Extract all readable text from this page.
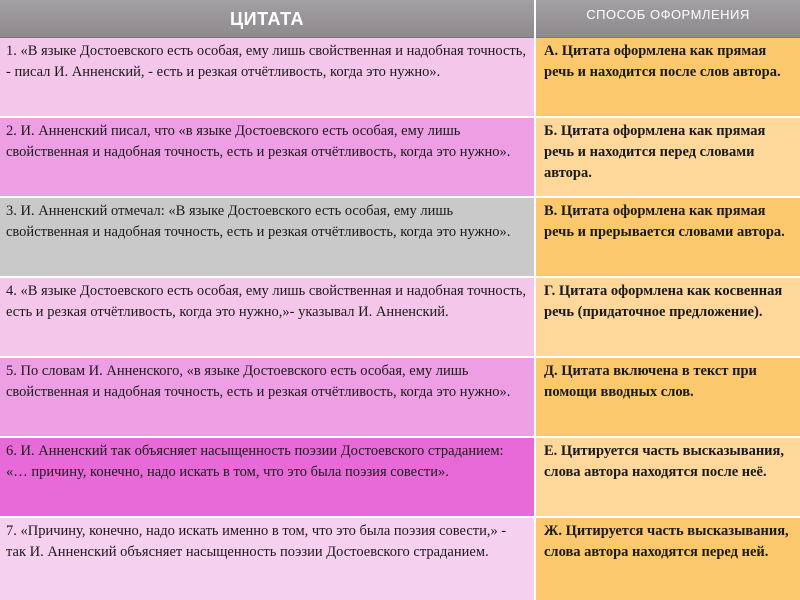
ЦИТАТА	СПОСОБ ОФОРМЛЕНИЯ
1. «В языке Достоевского есть особая, ему лишь свойственная и надобная точность, - писал И. Анненский, - есть и резкая отчётливость, когда это нужно».
А. Цитата оформлена как прямая речь и находится после слов автора.
2. И. Анненский писал, что «в языке Достоевского есть особая, ему лишь свойственная и надобная точность, есть и резкая отчётливость, когда это нужно».
Б. Цитата оформлена как прямая речь и находится перед словами автора.
3. И. Анненский отмечал: «В языке Достоевского есть особая, ему лишь свойственная и надобная точность, есть и резкая отчётливость, когда это нужно».
В. Цитата оформлена как прямая речь и прерывается словами автора.
4. «В языке Достоевского есть особая, ему лишь свойственная и надобная точность, есть и резкая отчётливость, когда это нужно,»- указывал И. Анненский.
Г. Цитата оформлена как косвенная речь (придаточное предложение).
5. По словам И. Анненского, «в языке Достоевского есть особая, ему лишь свойственная и надобная точность, есть и резкая отчётливость, когда это нужно».
Д. Цитата включена в текст при помощи вводных слов.
6. И. Анненский так объясняет насыщенность поэзии Достоевского страданием: «… причину, конечно, надо искать в том, что это была поэзия совести».
Е. Цитируется часть высказывания, слова автора находятся после неё.
7. «Причину, конечно, надо искать именно в том, что это была поэзия совести,» - так И. Анненский объясняет насыщенность поэзии Достоевского страданием.
Ж. Цитируется часть высказывания, слова автора находятся перед ней.
